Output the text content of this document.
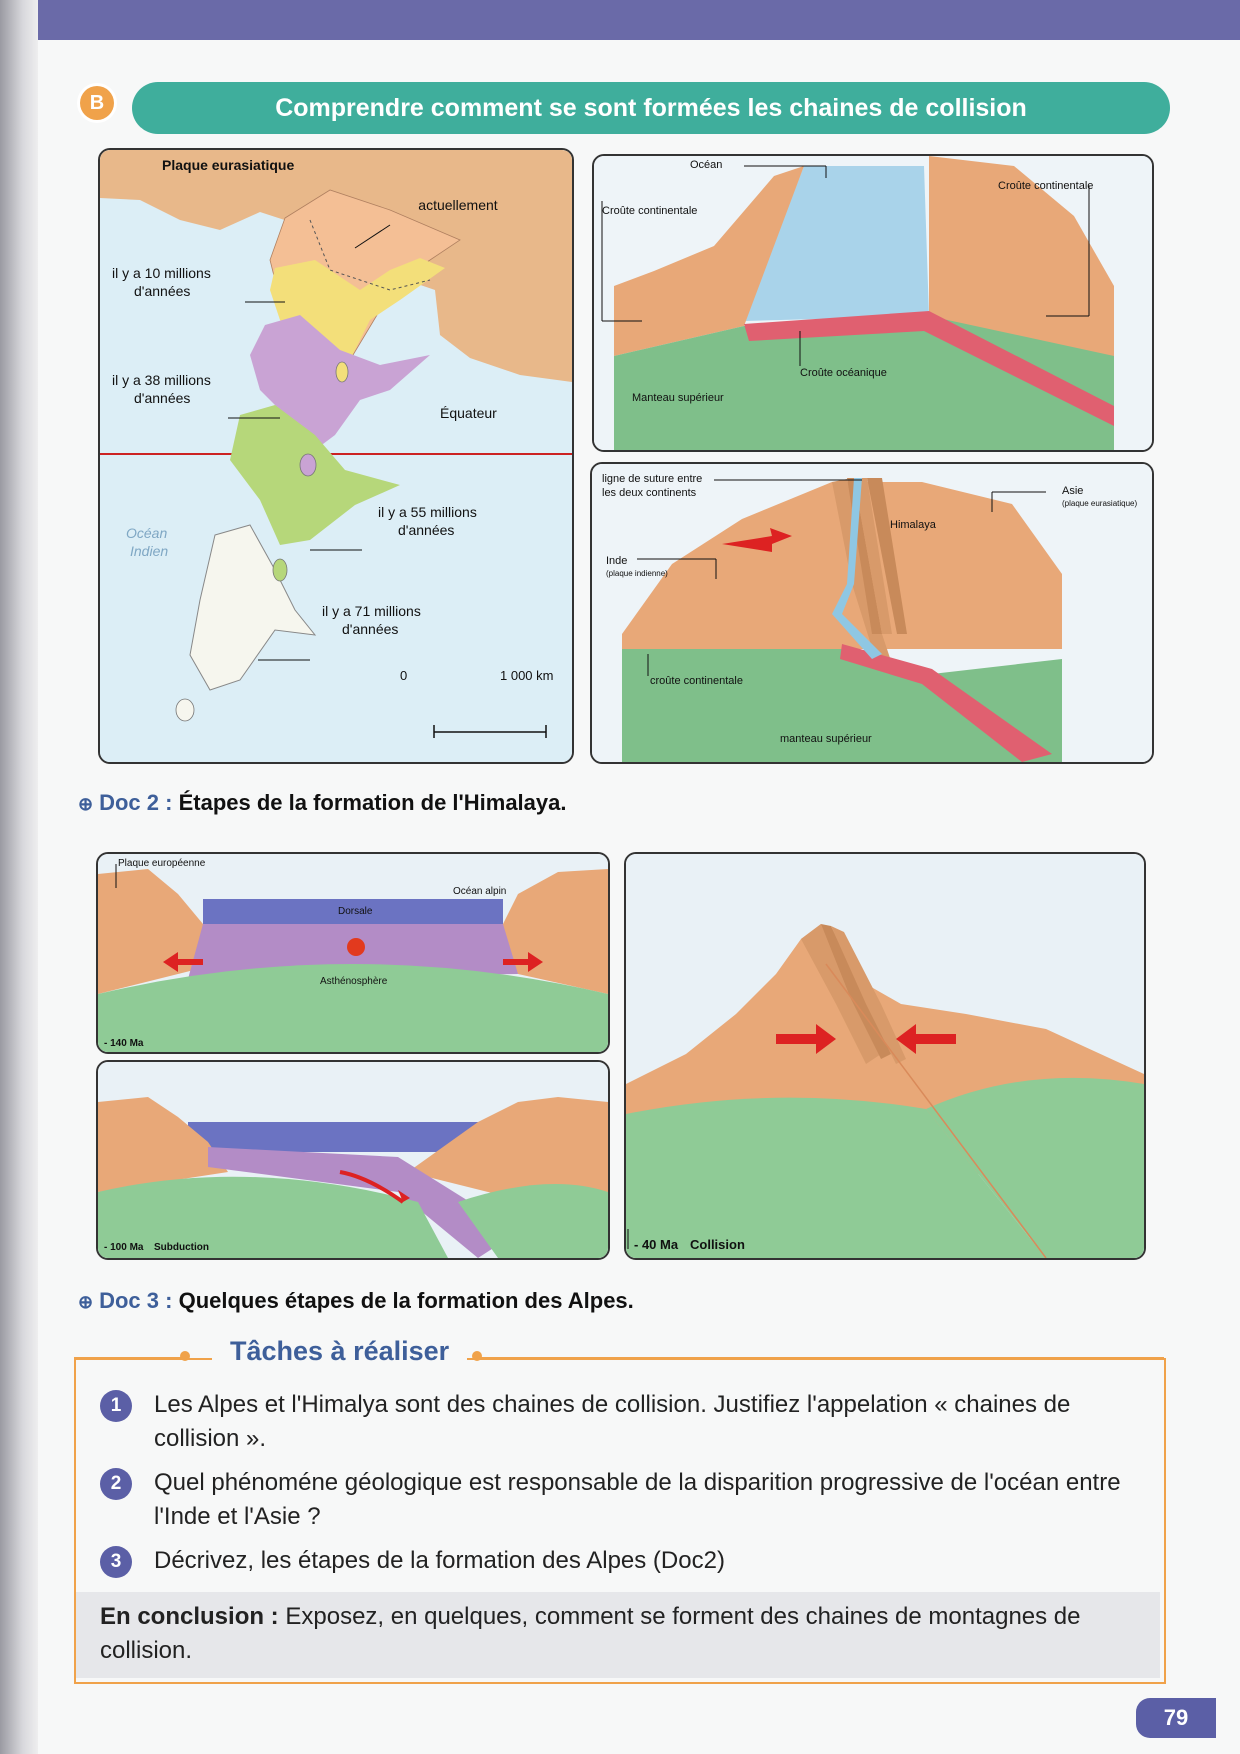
B	Comprendre comment se sont formées les chaines de collision
Plaque eurasiatique
actuellement
il y a 10 millions
d'années
il y a 38 millions
d'années
Équateur
il y a 55 millions
d'années
Océan
Indien
il y a 71 millions
d'années
0	1 000 km
Océan
Croûte continentale
Croûte continentale
Croûte océanique
Manteau supérieur
ligne de suture entre
les deux continents	Asie
(plaque eurasiatique)
Himalaya
Inde
(plaque indienne)
croûte continentale
manteau supérieur
⊕ Doc 2 : Étapes de la formation de l'Himalaya.
Plaque européenne
Océan alpin
Dorsale
Asthénosphère
- 140 Ma
- 100 Ma Subduction	- 40 Ma Collision
⊕ Doc 3 : Quelques étapes de la formation des Alpes.
Tâches à réaliser
1	Les Alpes et l'Himalya sont des chaines de collision. Justifiez l'appelation « chaines de collision ».
2	Quel phénoméne géologique est responsable de la disparition progressive de l'océan entre l'Inde et l'Asie ?
3	Décrivez, les étapes de la formation des Alpes (Doc2)

En conclusion : Exposez, en quelques, comment se forment des chaines de montagnes de collision.

79
